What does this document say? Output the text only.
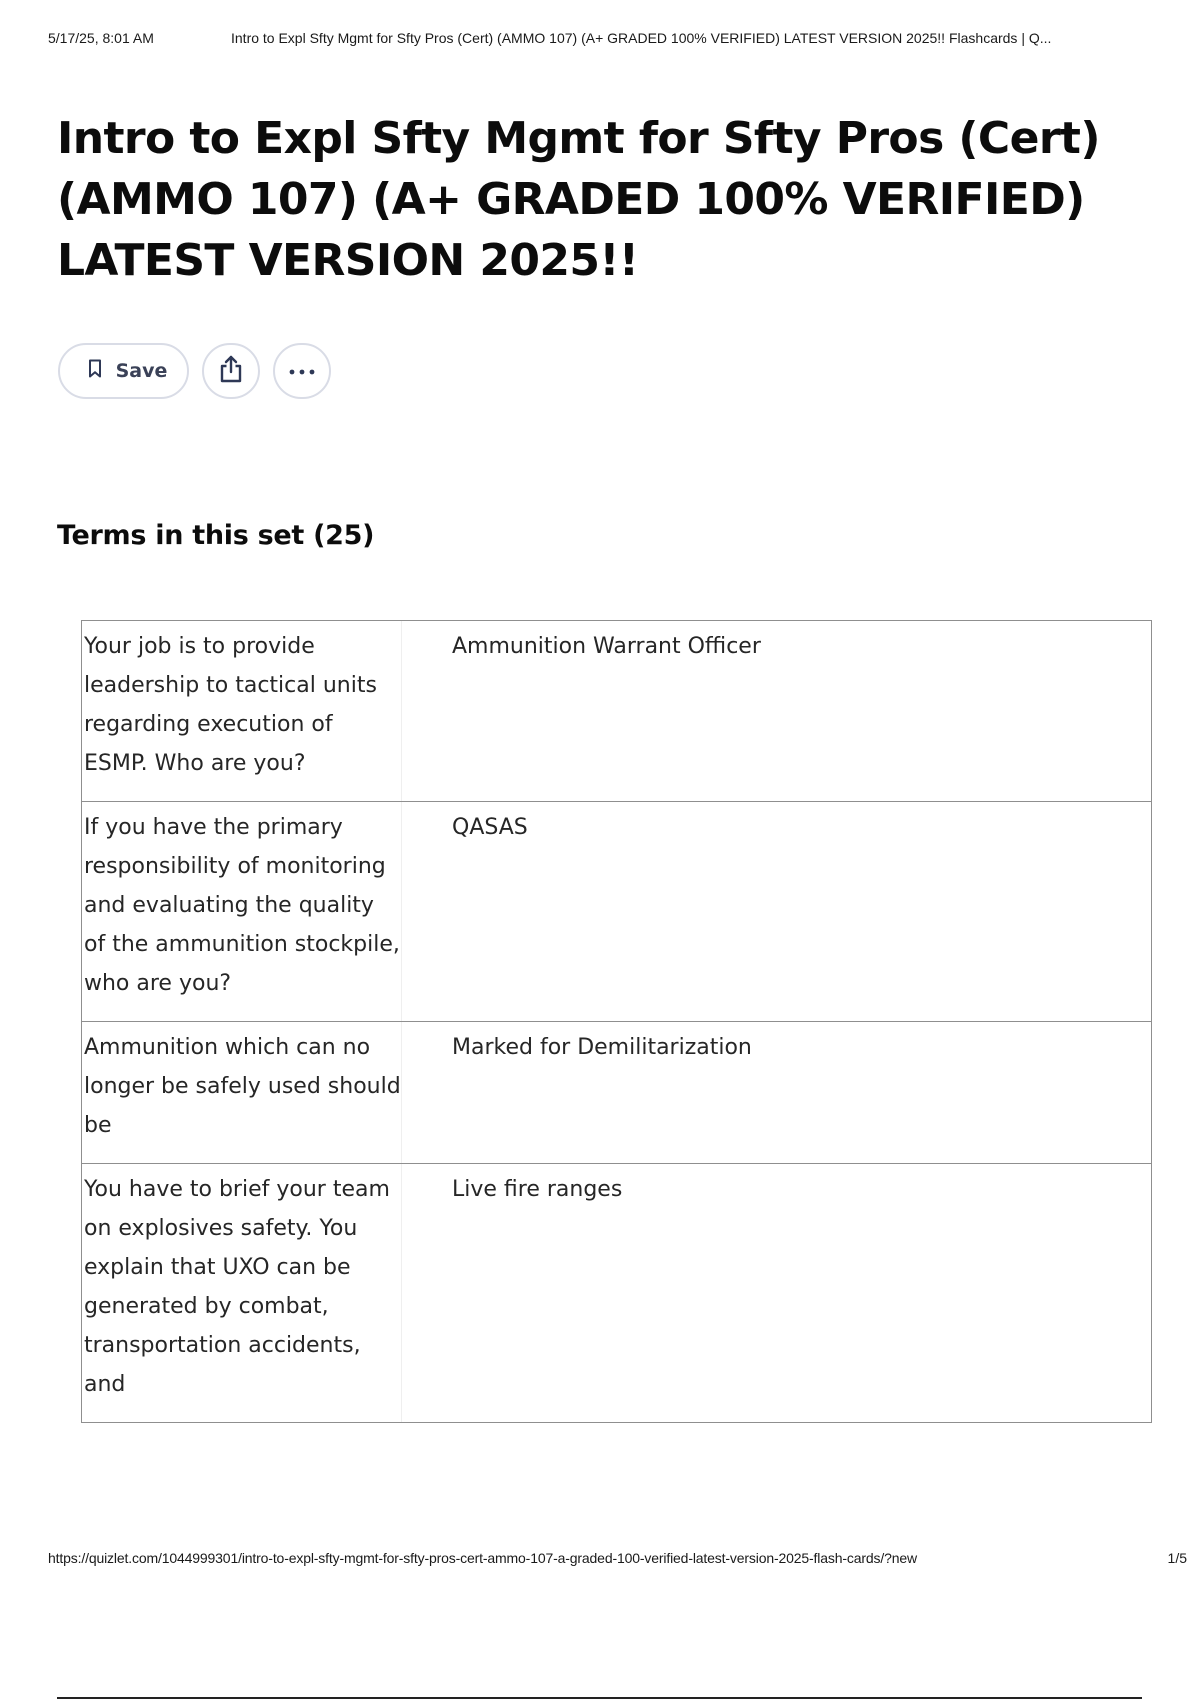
5/17/25, 8:01 AM	Intro to Expl Sfty Mgmt for Sfty Pros (Cert) (AMMO 107) (A+ GRADED 100% VERIFIED) LATEST VERSION 2025!! Flashcards | Q...
Intro to Expl Sfty Mgmt for Sfty Pros (Cert) (AMMO 107) (A+ GRADED 100% VERIFIED) LATEST VERSION 2025!!
Save
Terms in this set (25)
Your job is to provide leadership to tactical units regarding execution of ESMP. Who are you?
Ammunition Warrant Officer
If you have the primary responsibility of monitoring and evaluating the quality of the ammunition stockpile, who are you?
QASAS
Ammunition which can no longer be safely used should be
Marked for Demilitarization
You have to brief your team on explosives safety. You explain that UXO can be generated by combat, transportation accidents, and
Live fire ranges
https://quizlet.com/1044999301/intro-to-expl-sfty-mgmt-for-sfty-pros-cert-ammo-107-a-graded-100-verified-latest-version-2025-flash-cards/?new	1/5
